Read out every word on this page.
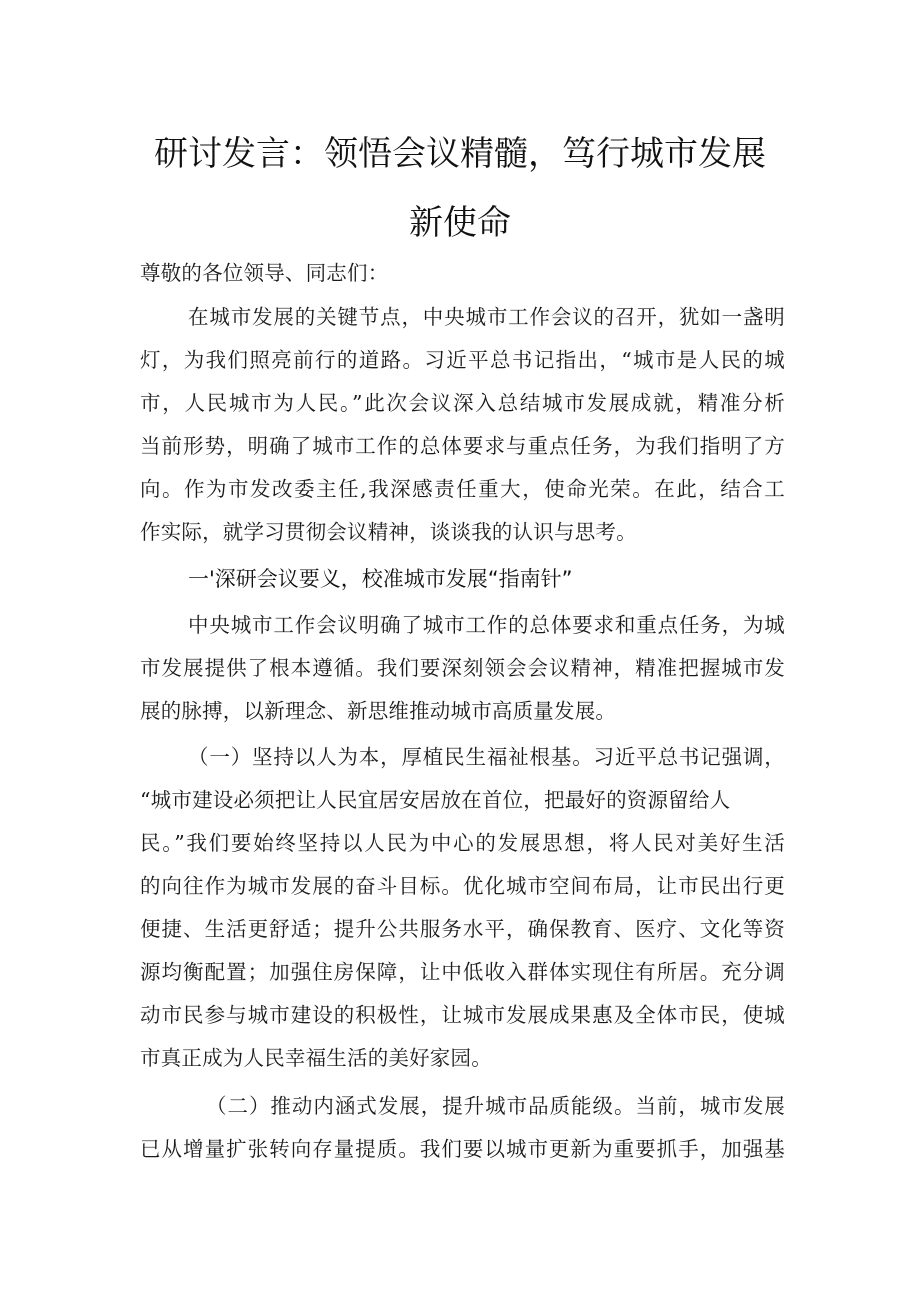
研讨发言：领悟会议精髓，笃行城市发展
新使命
尊敬的各位领导、同志们：
在城市发展的关键节点，中央城市工作会议的召开，犹如一盏明
灯，为我们照亮前行的道路。习近平总书记指出，“城市是人民的城
市，人民城市为人民。”此次会议深入总结城市发展成就，精准分析
当前形势，明确了城市工作的总体要求与重点任务，为我们指明了方
向。作为市发改委主任,我深感责任重大，使命光荣。在此，结合工
作实际，就学习贯彻会议精神，谈谈我的认识与思考。
一'深研会议要义，校准城市发展“指南针”
中央城市工作会议明确了城市工作的总体要求和重点任务，为城
市发展提供了根本遵循。我们要深刻领会会议精神，精准把握城市发
展的脉搏，以新理念、新思维推动城市高质量发展。
（一）坚持以人为本，厚植民生福祉根基。习近平总书记强调，
“城市建设必须把让人民宜居安居放在首位，把最好的资源留给人
民。”我们要始终坚持以人民为中心的发展思想，将人民对美好生活
的向往作为城市发展的奋斗目标。优化城市空间布局，让市民出行更
便捷、生活更舒适；提升公共服务水平，确保教育、医疗、文化等资
源均衡配置；加强住房保障，让中低收入群体实现住有所居。充分调
动市民参与城市建设的积极性，让城市发展成果惠及全体市民，使城
市真正成为人民幸福生活的美好家园。
（二）推动内涵式发展，提升城市品质能级。当前，城市发展
已从增量扩张转向存量提质。我们要以城市更新为重要抓手，加强基
